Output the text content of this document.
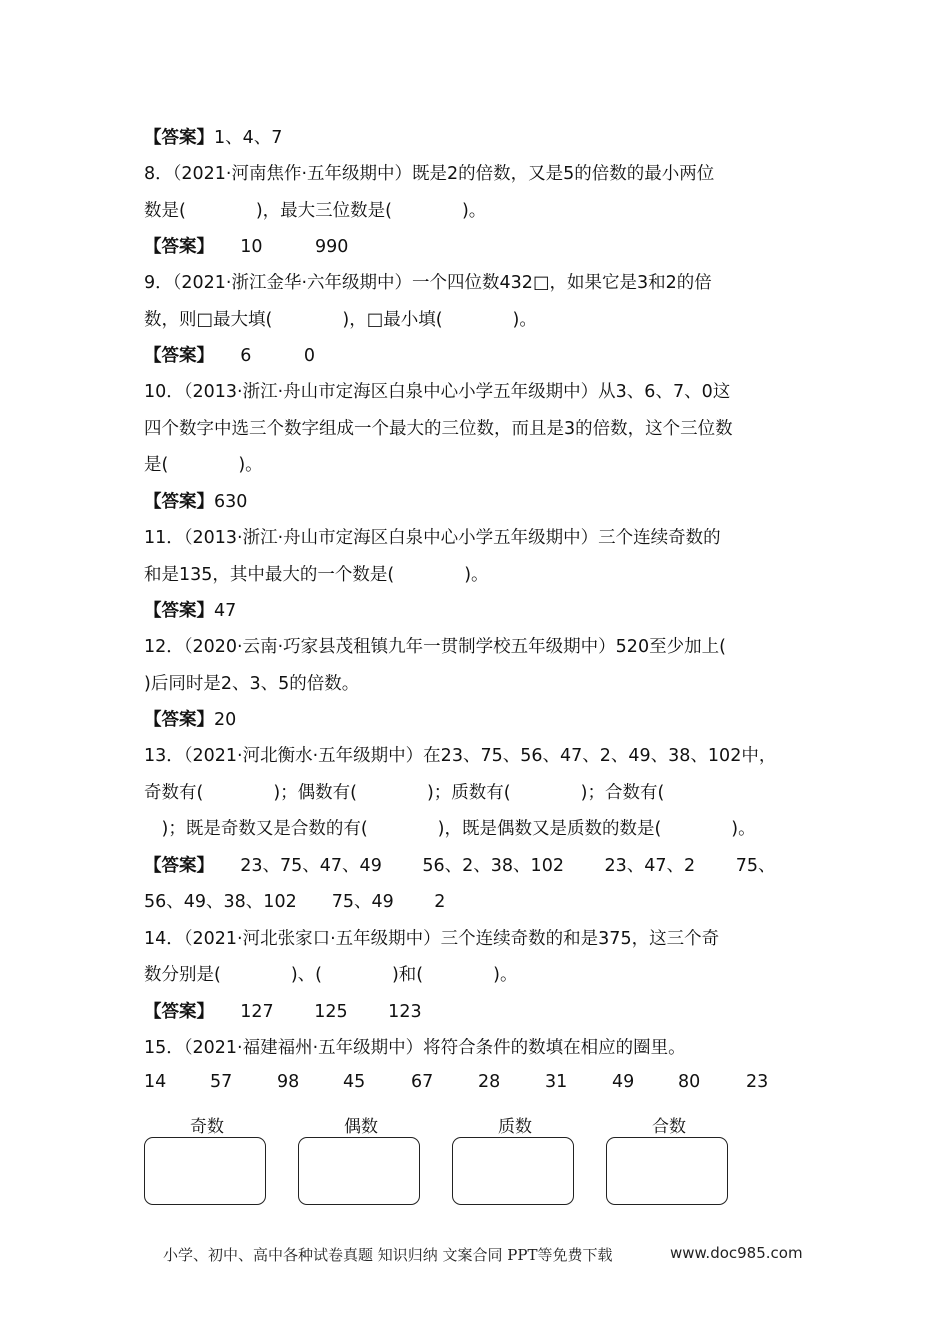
【答案】1、4、7
8．（2021·河南焦作·五年级期中）既是2的倍数，又是5的倍数的最小两位
数是(　　　　)，最大三位数是(　　　　)。
【答案】　　10　　　990
9．（2021·浙江金华·六年级期中）一个四位数432□，如果它是3和2的倍
数，则□最大填(　　　　)，□最小填(　　　　)。
【答案】　　6　　　0
10．（2013·浙江·舟山市定海区白泉中心小学五年级期中）从3、6、7、0这
四个数字中选三个数字组成一个最大的三位数，而且是3的倍数，这个三位数
是(　　　　)。
【答案】630
11．（2013·浙江·舟山市定海区白泉中心小学五年级期中）三个连续奇数的
和是135，其中最大的一个数是(　　　　)。
【答案】47
12．（2020·云南·巧家县茂租镇九年一贯制学校五年级期中）520至少加上(
)后同时是2、3、5的倍数。
【答案】20
13．（2021·河北衡水·五年级期中）在23、75、56、47、2、49、38、102中，
奇数有(　　　　)；偶数有(　　　　)；质数有(　　　　)；合数有(
　)；既是奇数又是合数的有(　　　　)，既是偶数又是质数的数是(　　　　)。
【答案】　　23、75、47、49　　 56、2、38、102　　 23、47、2　　 75、
56、49、38、102　　75、49　　 2
14．（2021·河北张家口·五年级期中）三个连续奇数的和是375，这三个奇
数分别是(　　　　)、(　　　　)和(　　　　)。
【答案】　　127　　 125　　 123
15．（2021·福建福州·五年级期中）将符合条件的数填在相应的圈里。
14 57	98 45	67	28	31	49 80	23
奇数	偶数	质数	合数
小学、初中、高中各种试卷真题 知识归纳 文案合同 PPT等免费下载	www.doc985.com
